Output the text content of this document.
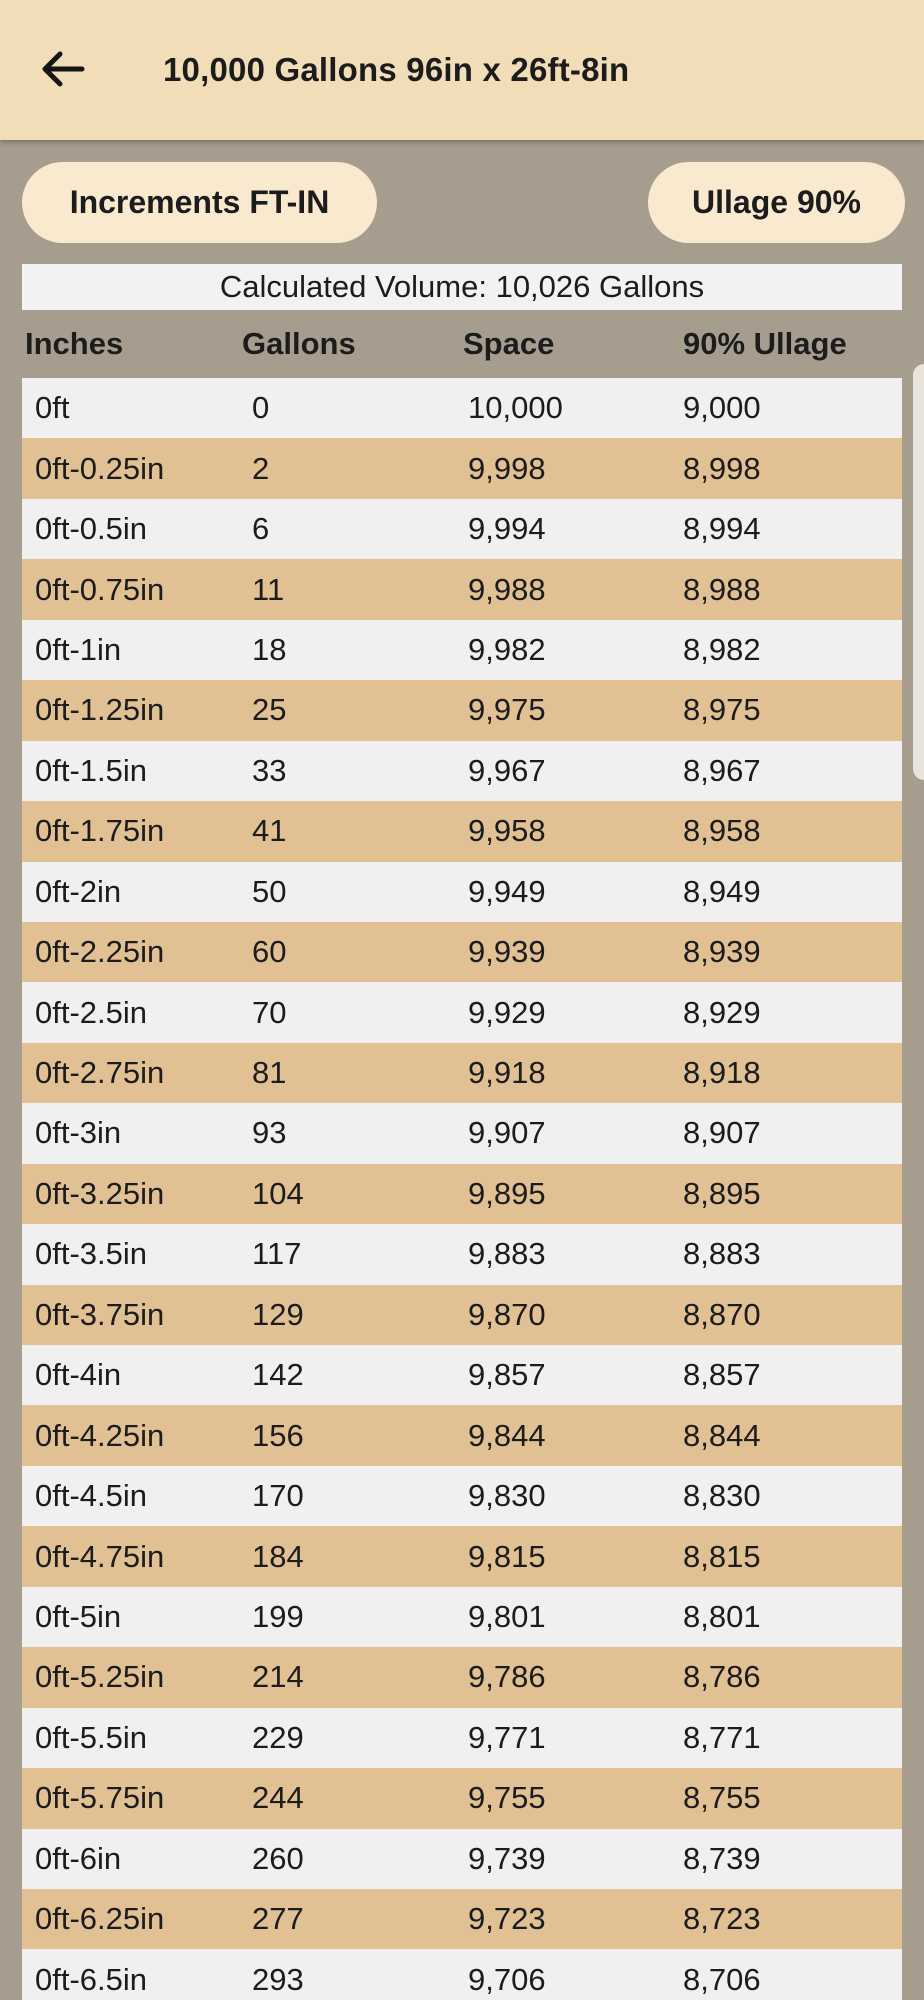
10,000 Gallons 96in x 26ft-8in
Increments FT-IN	Ullage 90%
Calculated Volume: 10,026 Gallons
Inches	Gallons	Space	90% Ullage
0ft	0	10,000	9,000
0ft-0.25in	2	9,998	8,998
0ft-0.5in	6	9,994	8,994
0ft-0.75in	11	9,988	8,988
0ft-1in	18	9,982	8,982
0ft-1.25in	25	9,975	8,975
0ft-1.5in	33	9,967	8,967
0ft-1.75in	41	9,958	8,958
0ft-2in	50	9,949	8,949
0ft-2.25in	60	9,939	8,939
0ft-2.5in	70	9,929	8,929
0ft-2.75in	81	9,918	8,918
0ft-3in	93	9,907	8,907
0ft-3.25in	104	9,895	8,895
0ft-3.5in	117	9,883	8,883
0ft-3.75in	129	9,870	8,870
0ft-4in	142	9,857	8,857
0ft-4.25in	156	9,844	8,844
0ft-4.5in	170	9,830	8,830
0ft-4.75in	184	9,815	8,815
0ft-5in	199	9,801	8,801
0ft-5.25in	214	9,786	8,786
0ft-5.5in	229	9,771	8,771
0ft-5.75in	244	9,755	8,755
0ft-6in	260	9,739	8,739
0ft-6.25in	277	9,723	8,723
0ft-6.5in	293	9,706	8,706
